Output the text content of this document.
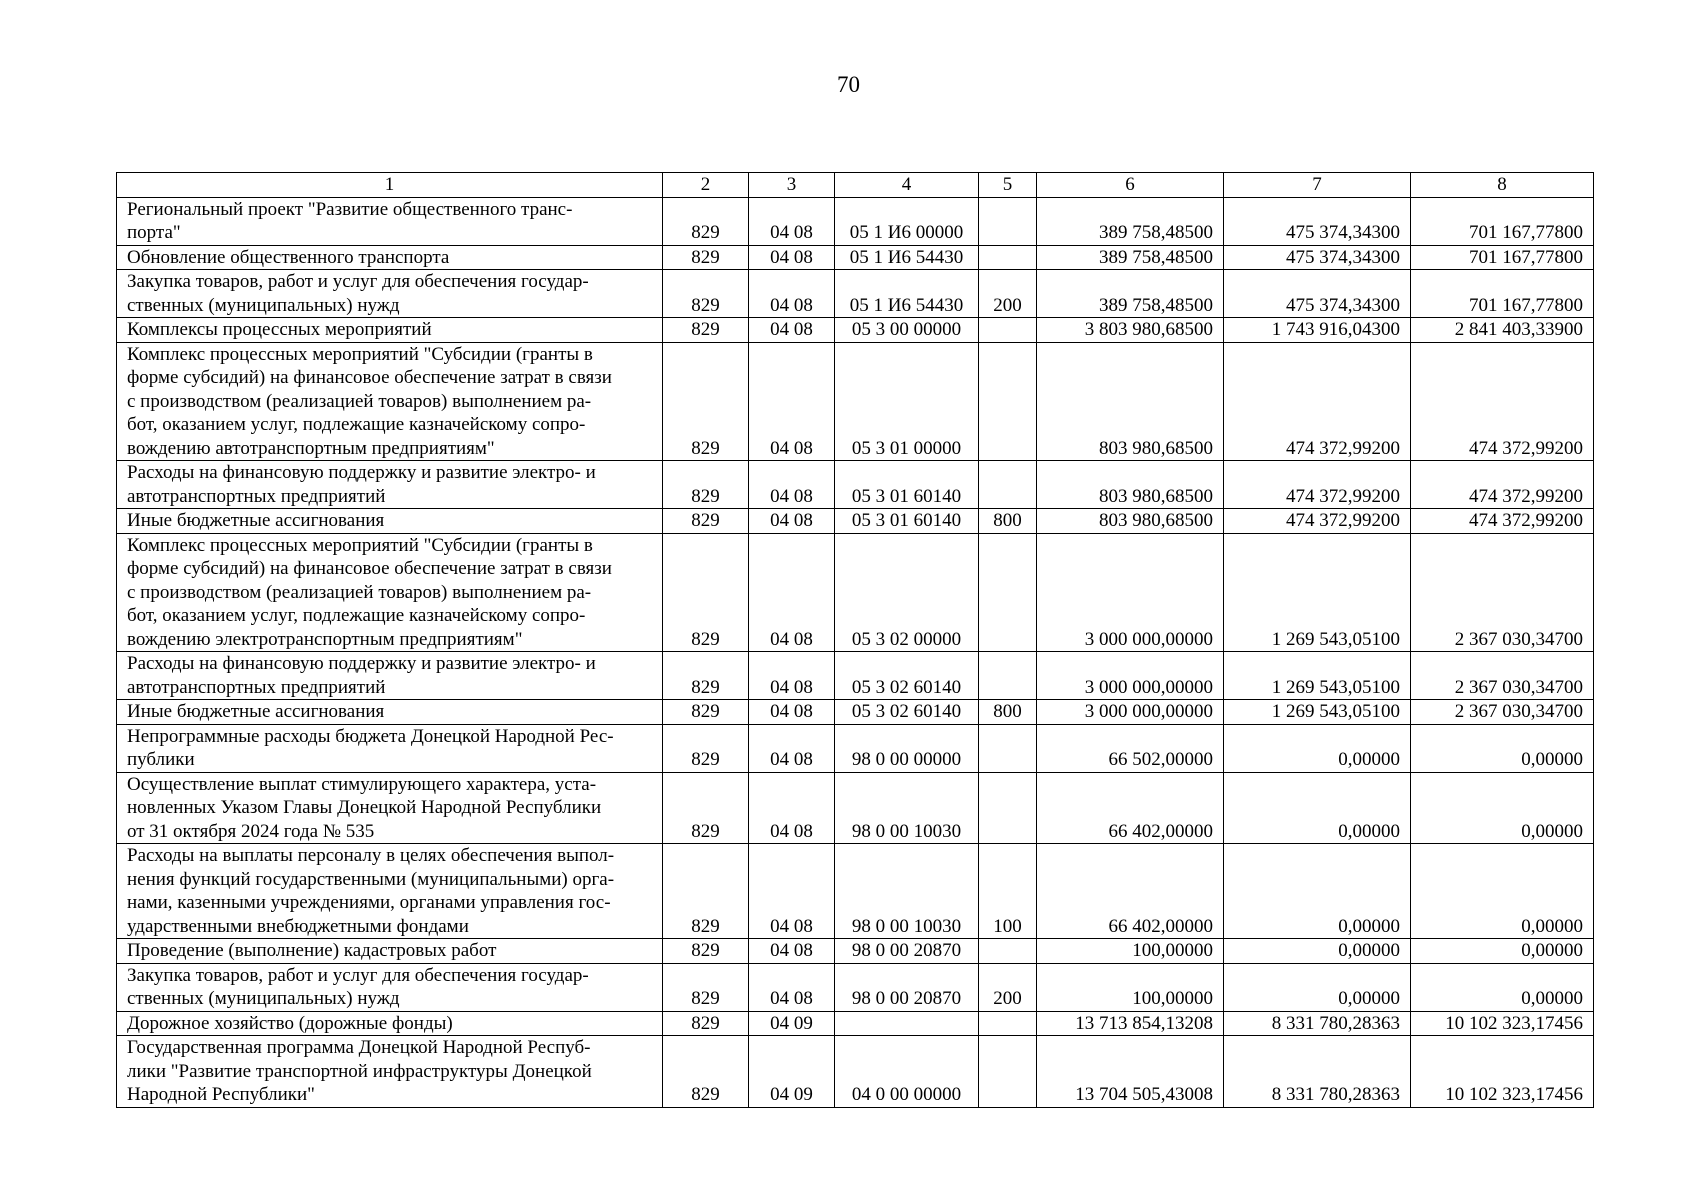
70
1	2	3	4	5	6	7	8

Региональный проект "Развитие общественного транс-
порта"	829	04 08	05 1 И6 00000		389 758,48500	475 374,34300	701 167,77800

Обновление общественного транспорта	829	04 08	05 1 И6 54430		389 758,48500	475 374,34300	701 167,77800

Закупка товаров, работ и услуг для обеспечения государ-
ственных (муниципальных) нужд	829	04 08	05 1 И6 54430	200	389 758,48500	475 374,34300	701 167,77800

Комплексы процессных мероприятий	829	04 08	05 3 00 00000		3 803 980,68500	1 743 916,04300	2 841 403,33900

Комплекс процессных мероприятий "Субсидии (гранты в
форме субсидий) на финансовое обеспечение затрат в связи
с производством (реализацией товаров) выполнением ра-
бот, оказанием услуг, подлежащие казначейскому сопро-
вождению автотранспортным предприятиям"	829	04 08	05 3 01 00000		803 980,68500	474 372,99200	474 372,99200

Расходы на финансовую поддержку и развитие электро- и
автотранспортных предприятий	829	04 08	05 3 01 60140		803 980,68500	474 372,99200	474 372,99200

Иные бюджетные ассигнования	829	04 08	05 3 01 60140	800	803 980,68500	474 372,99200	474 372,99200

Комплекс процессных мероприятий "Субсидии (гранты в
форме субсидий) на финансовое обеспечение затрат в связи
с производством (реализацией товаров) выполнением ра-
бот, оказанием услуг, подлежащие казначейскому сопро-
вождению электротранспортным предприятиям"	829	04 08	05 3 02 00000		3 000 000,00000	1 269 543,05100	2 367 030,34700

Расходы на финансовую поддержку и развитие электро- и
автотранспортных предприятий	829	04 08	05 3 02 60140		3 000 000,00000	1 269 543,05100	2 367 030,34700

Иные бюджетные ассигнования	829	04 08	05 3 02 60140	800	3 000 000,00000	1 269 543,05100	2 367 030,34700

Непрограммные расходы бюджета Донецкой Народной Рес-
публики	829	04 08	98 0 00 00000		66 502,00000	0,00000	0,00000

Осуществление выплат стимулирующего характера, уста-
новленных Указом Главы Донецкой Народной Республики
от 31 октября 2024 года № 535	829	04 08	98 0 00 10030		66 402,00000	0,00000	0,00000

Расходы на выплаты персоналу в целях обеспечения выпол-
нения функций государственными (муниципальными) орга-
нами, казенными учреждениями, органами управления гос-
ударственными внебюджетными фондами	829	04 08	98 0 00 10030	100	66 402,00000	0,00000	0,00000

Проведение (выполнение) кадастровых работ	829	04 08	98 0 00 20870		100,00000	0,00000	0,00000

Закупка товаров, работ и услуг для обеспечения государ-
ственных (муниципальных) нужд	829	04 08	98 0 00 20870	200	100,00000	0,00000	0,00000

Дорожное хозяйство (дорожные фонды)	829	04 09			13 713 854,13208	8 331 780,28363	10 102 323,17456

Государственная программа Донецкой Народной Респуб-
лики "Развитие транспортной инфраструктуры Донецкой
Народной Республики"	829	04 09	04 0 00 00000		13 704 505,43008	8 331 780,28363	10 102 323,17456
